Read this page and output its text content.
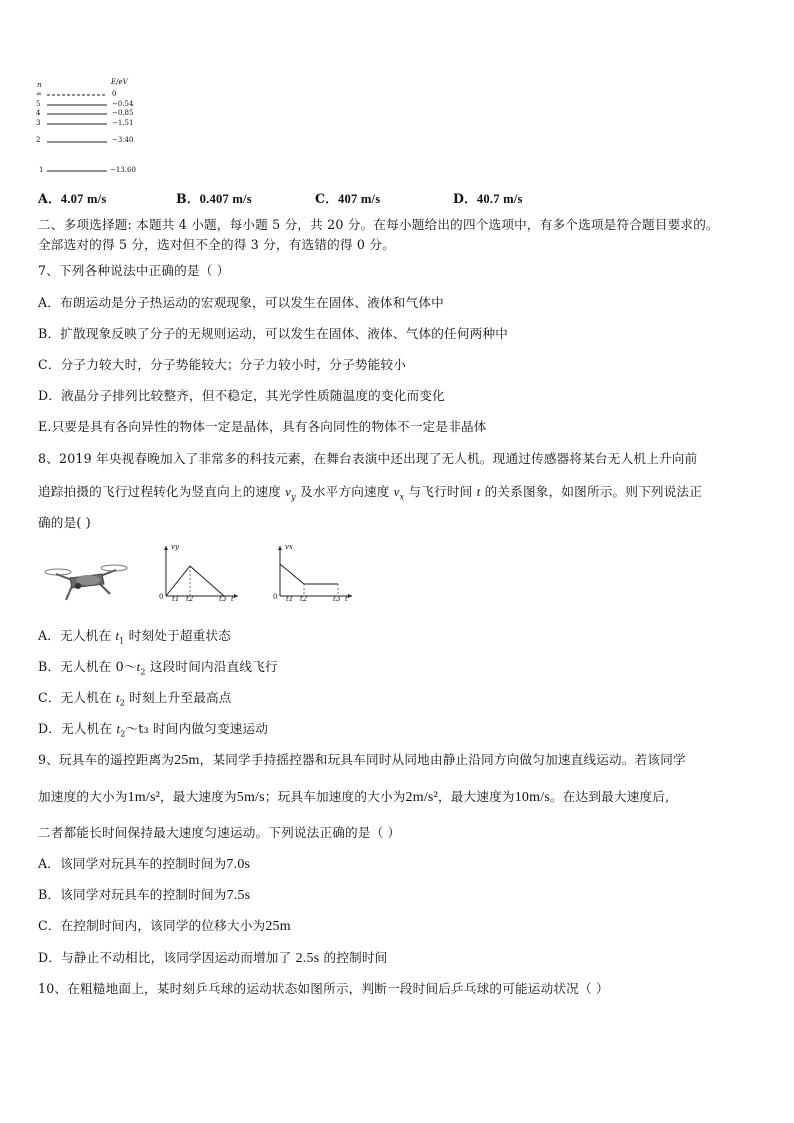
n	E/eV
∞	0
5	−0.54
4	−0.85
3	−1.51
2	−3.40
1	−13.60
A．4.07 m/s	B．0.407 m/s	C．407 m/s	D．40.7 m/s
二、多项选择题: 本题共 4 小题，每小题 5 分，共 20 分。在每小题给出的四个选项中，有多个选项是符合题目要求的。
全部选对的得 5 分，选对但不全的得 3 分，有选错的得 0 分。
7、下列各种说法中正确的是（ ）
A．布朗运动是分子热运动的宏观现象，可以发生在固体、液体和气体中
B．扩散现象反映了分子的无规则运动，可以发生在固体、液体、气体的任何两种中
C．分子力较大时，分子势能较大；分子力较小时，分子势能较小
D．液晶分子排列比较整齐，但不稳定，其光学性质随温度的变化而变化
E.只要是具有各向异性的物体一定是晶体，具有各向同性的物体不一定是非晶体
8、2019 年央视春晚加入了非常多的科技元素，在舞台表演中还出现了无人机。现通过传感器将某台无人机上升向前
追踪拍摄的飞行过程转化为竖直向上的速度 $v_y$ 及水平方向速度 $v_x$ 与飞行时间 t 的关系图象，如图所示。则下列说法正
确的是( )
vy
0 t1 t2	t3 t
vx
0 t1 t2	t3 t
A．无人机在 $t_1$ 时刻处于超重状态
B．无人机在 $0\sim t_2$ 这段时间内沿直线飞行
C．无人机在 $t_2$ 时刻上升至最高点
D．无人机在 $t_2\sim t_3$ 时间内做匀变速运动
9、玩具车的遥控距离为25m，某同学手持摇控器和玩具车同时从同地由静止沿同方向做匀加速直线运动。若该同学
加速度的大小为1m/s²，最大速度为5m/s；玩具车加速度的大小为2m/s²，最大速度为10m/s。在达到最大速度后,
二者都能长时间保持最大速度匀速运动。下列说法正确的是（ ）
A．该同学对玩具车的控制时间为7.0s
B．该同学对玩具车的控制时间为7.5s
C．在控制时间内，该同学的位移大小为25m
D．与静止不动相比，该同学因运动而增加了 2.5s 的控制时间
10、在粗糙地面上，某时刻乒乓球的运动状态如图所示，判断一段时间后乒乓球的可能运动状况（ ）
